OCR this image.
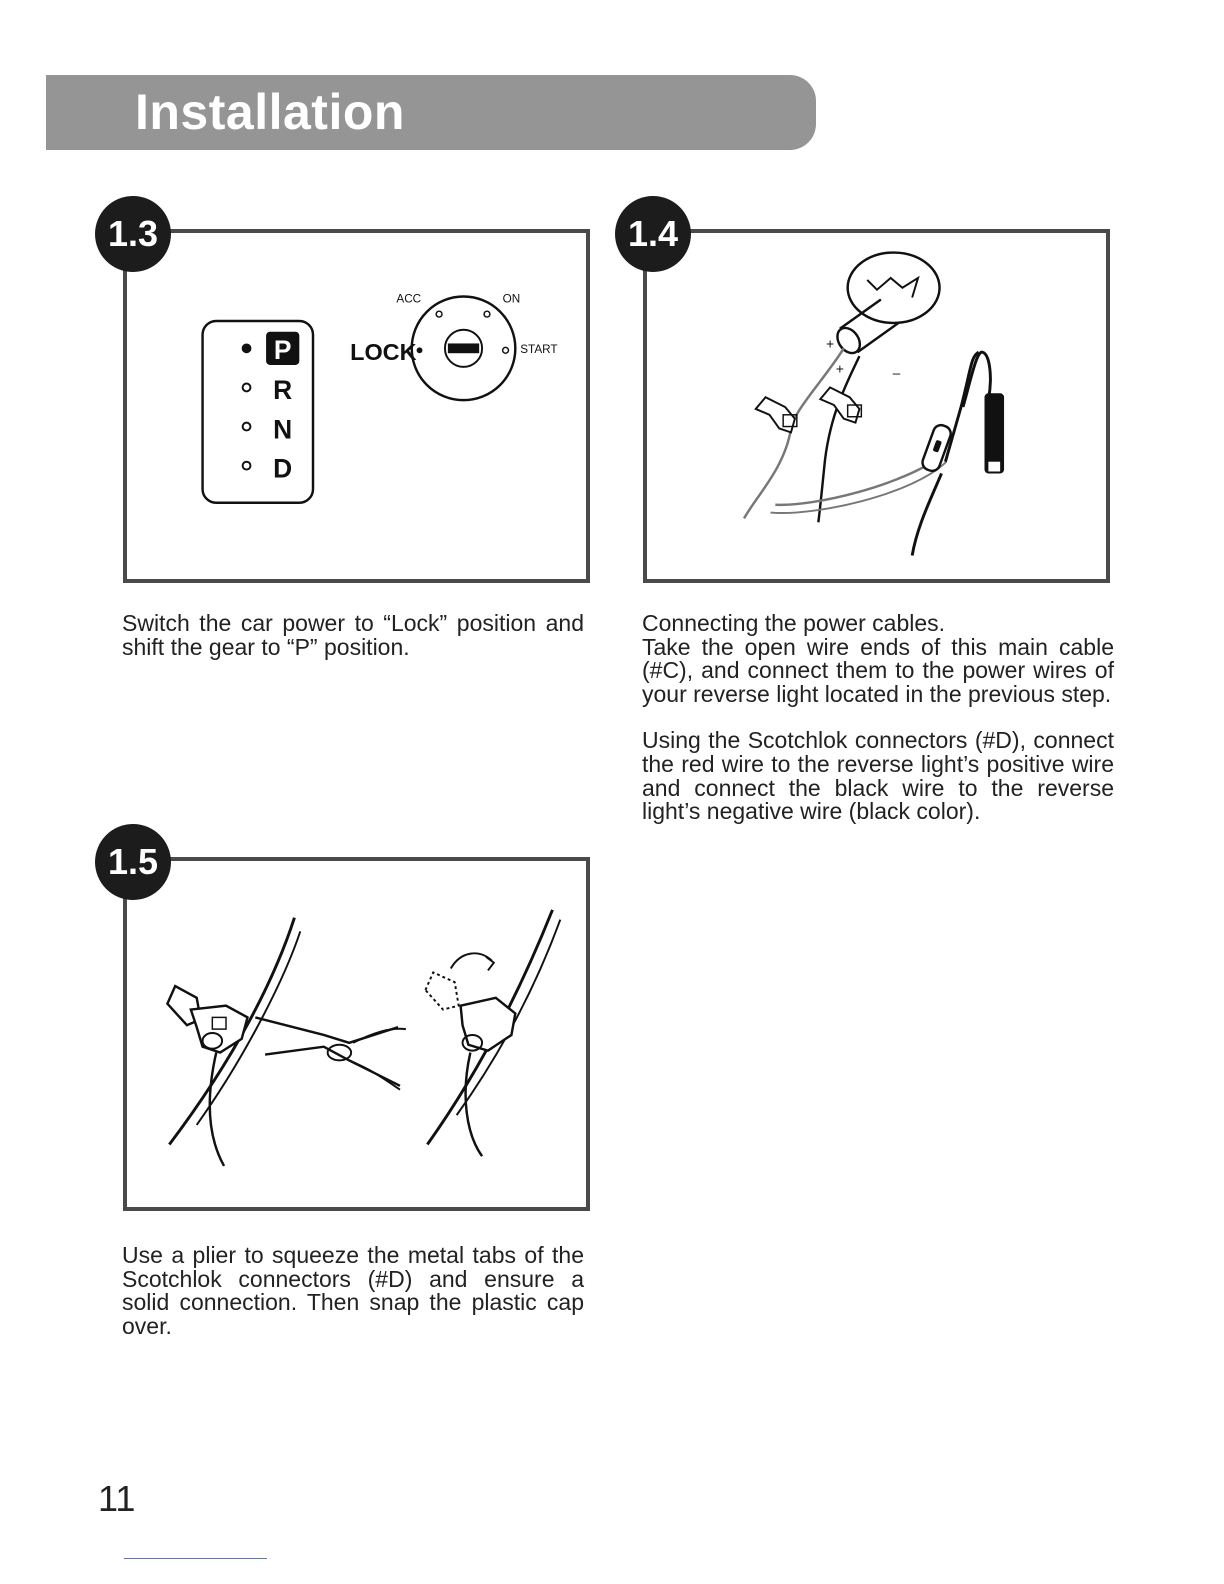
Installation
P
R
N
D
LOCK
ACC	ON
START
1.3

Switch the car power to “Lock” position and shift the gear to “P” position.

+
+	–
1.4

Connecting the power cables.

Take the open wire ends of this main cable (#C), and connect them to the power wires of your reverse light located in the previous step.

Using the Scotchlok connectors (#D), connect the red wire to the reverse light’s positive wire and connect the black wire to the reverse light’s negative wire (black color).

1.5

Use a plier to squeeze the metal tabs of the Scotchlok connectors (#D) and ensure a solid connection. Then snap the plastic cap over.

11
